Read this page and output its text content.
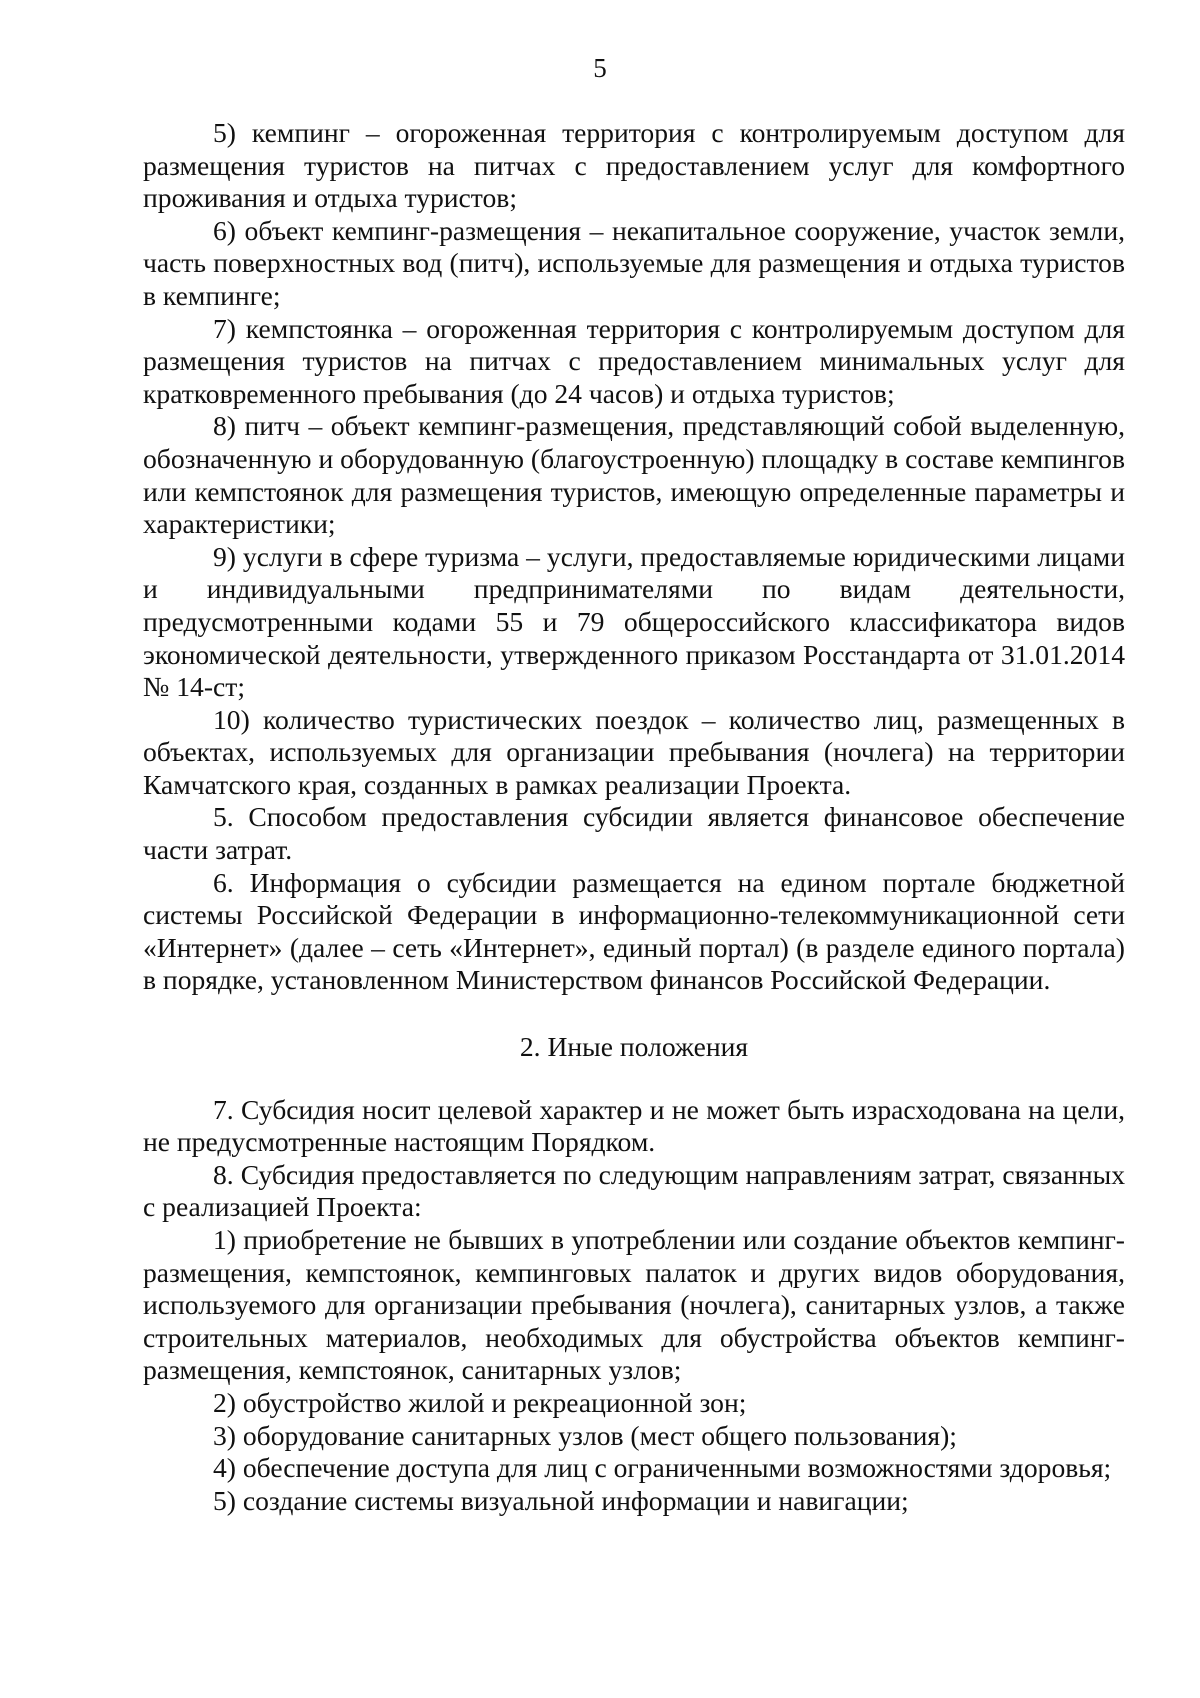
5

5) кемпинг – огороженная территория с контролируемым доступом для размещения туристов на питчах с предоставлением услуг для комфортного проживания и отдыха туристов;

6) объект кемпинг-размещения – некапитальное сооружение, участок земли, часть поверхностных вод (питч), используемые для размещения и отдыха туристов в кемпинге;

7) кемпстоянка – огороженная территория с контролируемым доступом для размещения туристов на питчах с предоставлением минимальных услуг для кратковременного пребывания (до 24 часов) и отдыха туристов;

8) питч – объект кемпинг-размещения, представляющий собой выделенную, обозначенную и оборудованную (благоустроенную) площадку в составе кемпингов или кемпстоянок для размещения туристов, имеющую определенные параметры и характеристики;

9) услуги в сфере туризма – услуги, предоставляемые юридическими лицами и индивидуальными предпринимателями по видам деятельности, предусмотренными кодами 55 и 79 общероссийского классификатора видов экономической деятельности, утвержденного приказом Росстандарта от 31.01.2014 № 14-ст;

10) количество туристических поездок – количество лиц, размещенных в объектах, используемых для организации пребывания (ночлега) на территории Камчатского края, созданных в рамках реализации Проекта.

5. Способом предоставления субсидии является финансовое обеспечение части затрат.

6. Информация о субсидии размещается на едином портале бюджетной системы Российской Федерации в информационно-телекоммуникационной сети «Интернет» (далее – сеть «Интернет», единый портал) (в разделе единого портала) в порядке, установленном Министерством финансов Российской Федерации.

2. Иные положения

7. Субсидия носит целевой характер и не может быть израсходована на цели, не предусмотренные настоящим Порядком.

8. Субсидия предоставляется по следующим направлениям затрат, связанных с реализацией Проекта:

1) приобретение не бывших в употреблении или создание объектов кемпинг-размещения, кемпстоянок, кемпинговых палаток и других видов оборудования, используемого для организации пребывания (ночлега), санитарных узлов, а также строительных материалов, необходимых для обустройства объектов кемпинг-размещения, кемпстоянок, санитарных узлов;

2) обустройство жилой и рекреационной зон;

3) оборудование санитарных узлов (мест общего пользования);

4) обеспечение доступа для лиц с ограниченными возможностями здоровья;

5) создание системы визуальной информации и навигации;
